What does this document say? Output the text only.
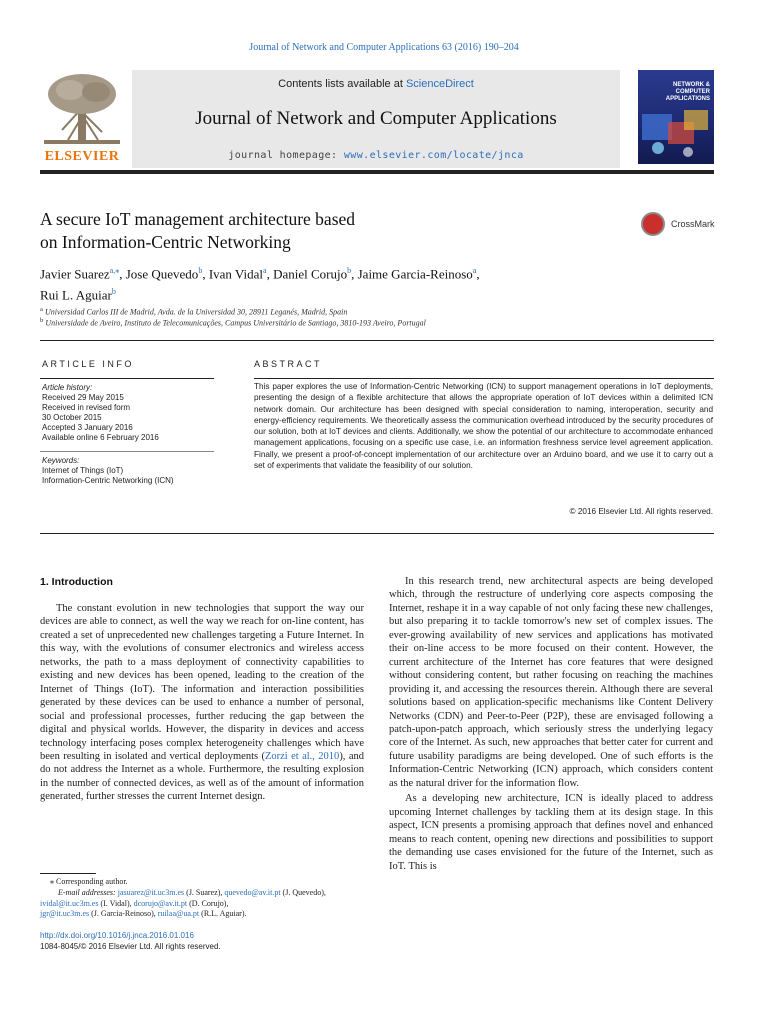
Journal of Network and Computer Applications 63 (2016) 190–204
ELSEVIER
Contents lists available at ScienceDirect
Journal of Network and Computer Applications
journal homepage: www.elsevier.com/locate/jnca
NETWORK &
COMPUTER
APPLICATIONS
A secure IoT management architecture based
on Information-Centric Networking
CrossMark
Javier Suarez$^{a,⁎}$, Jose Quevedo$^b$, Ivan Vidal$^a$, Daniel Corujo$^b$, Jaime Garcia-Reinoso$^a$,
Rui L. Aguiar$^b$
$^a$ Universidad Carlos III de Madrid, Avda. de la Universidad 30, 28911 Leganés, Madrid, Spain
$^b$ Universidade de Aveiro, Instituto de Telecomunicações, Campus Universitário de Santiago, 3810-193 Aveiro, Portugal
ARTICLE INFO
Article history:
Received 29 May 2015
Received in revised form
30 October 2015
Accepted 3 January 2016
Available online 6 February 2016
Keywords:
Internet of Things (IoT)
Information-Centric Networking (ICN)
ABSTRACT
This paper explores the use of Information-Centric Networking (ICN) to support management operations in IoT deployments, presenting the design of a flexible architecture that allows the appropriate operation of IoT devices within a delimited ICN network domain. Our architecture has been designed with special consideration to naming, interoperation, security and energy-efficiency requirements. We theoretically assess the communication overhead introduced by the security procedures of our solution, both at IoT devices and clients. Additionally, we show the potential of our architecture to accommodate enhanced management applications, focusing on a specific use case, i.e. an information freshness service level agreement application. Finally, we present a proof-of-concept implementation of our architecture over an Arduino board, and we use it to carry out a set of experiments that validate the feasibility of our solution.
© 2016 Elsevier Ltd. All rights reserved.
1. Introduction

The constant evolution in new technologies that support the way our devices are able to connect, as well the way we reach for on-line content, has created a set of unprecedented new challenges targeting a Future Internet. In this way, with the evolutions of consumer electronics and wireless access networks, the path to a mass deployment of connectivity capabilities to existing and new devices has been opened, leading to the creation of the Internet of Things (IoT). The information and interaction possibilities generated by these devices can be used to enhance a number of personal, social and professional processes, further reducing the gap between the digital and physical worlds. However, the disparity in devices and access technology interfacing poses complex heterogeneity challenges which have been resulting in isolated and vertical deployments (Zorzi et al., 2010), and do not address the Internet as a whole. Furthermore, the resulting explosion in the number of connected devices, as well as of the amount of information generated, further stresses the current Internet design.

In this research trend, new architectural aspects are being developed which, through the restructure of underlying core aspects composing the Internet, reshape it in a way capable of not only facing these new challenges, but also preparing it to tackle tomorrow's new set of complex issues. The ever-growing availability of new services and applications has motivated their on-line access to be more focused on their content. However, the current architecture of the Internet has core features that were designed without considering content, but rather focusing on reaching the machines providing it, and accessing the resources therein. Although there are several solutions based on application-specific mechanisms like Content Delivery Networks (CDN) and Peer-to-Peer (P2P), these are envisaged following a patch-upon-patch approach, which seriously stress the underlying legacy core of the Internet. As such, new approaches that better cater for current and future usability paradigms are being developed. One of such efforts is the Information-Centric Networking (ICN) approach, which considers content as the natural driver for the information flow.

As a developing new architecture, ICN is ideally placed to address upcoming Internet challenges by tackling them at its design stage. In this aspect, ICN presents a promising approach that defines novel and enhanced means to reach content, opening new directions and possibilities to support the demanding use cases envisioned for the future of the Internet, such as IoT. This is

⁎ Corresponding author.
E-mail addresses: jasuarez@it.uc3m.es (J. Suarez), quevedo@av.it.pt (J. Quevedo),
ividal@it.uc3m.es (I. Vidal), dcorujo@av.it.pt (D. Corujo),
jgr@it.uc3m.es (J. Garcia-Reinoso), ruilaa@ua.pt (R.L. Aguiar).
http://dx.doi.org/10.1016/j.jnca.2016.01.016
1084-8045/© 2016 Elsevier Ltd. All rights reserved.
